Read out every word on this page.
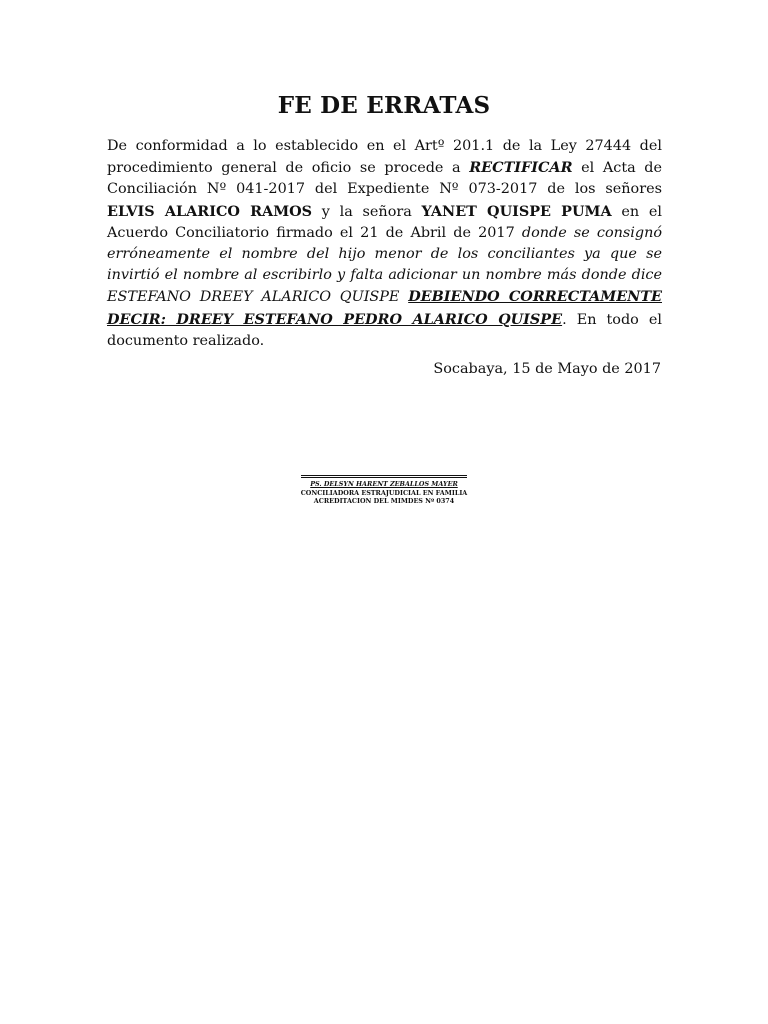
FE DE ERRATAS

De conformidad a lo establecido en el Artº 201.1 de la Ley 27444 del procedimiento general de oficio se procede a RECTIFICAR el Acta de Conciliación Nº 041-2017 del Expediente Nº 073-2017 de los señores ELVIS ALARICO RAMOS y la señora YANET QUISPE PUMA en el Acuerdo Conciliatorio firmado el 21 de Abril de 2017 donde se consignó erróneamente el nombre del hijo menor de los conciliantes ya que se invirtió el nombre al escribirlo y falta adicionar un nombre más donde dice ESTEFANO DREEY ALARICO QUISPE DEBIENDO CORRECTAMENTE DECIR: DREEY ESTEFANO PEDRO ALARICO QUISPE. En todo el documento realizado.

Socabaya, 15 de Mayo de 2017

PS. DELSYN HARENT ZEBALLOS MAYER
CONCILIADORA ESTRAJUDICIAL EN FAMILIA
ACREDITACION DEL MIMDES Nº 0374
